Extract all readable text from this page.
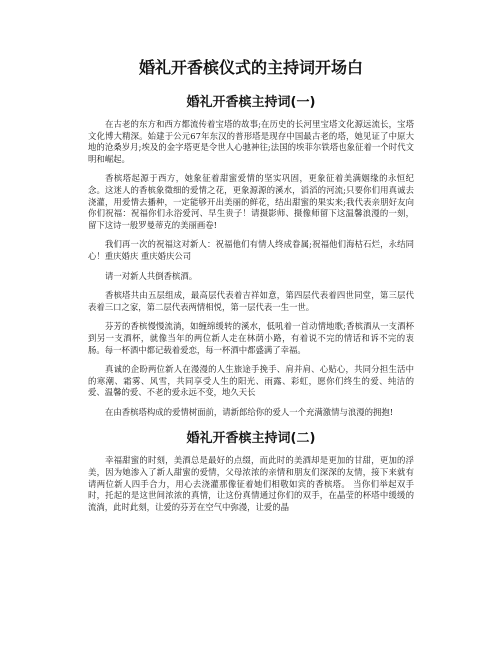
婚礼开香槟仪式的主持词开场白
婚礼开香槟主持词(一)

在古老的东方和西方都流传着宝塔的故事;在历史的长河里宝塔文化源远流长，宝塔文化博大精深。始建于公元67年东汉的普形塔是现存中国最古老的塔，她见证了中原大地的沧桑岁月;埃及的金字塔更是令世人心驰神往;法国的埃菲尔铁塔也象征着一个时代文明和崛起。

香槟塔起源于西方，她象征着甜蜜爱情的坚实巩固，更象征着美满姻缘的永恒纪念。这迷人的香槟象徵细的爱情之花，更象源源的溪水，滔滔的河流;只要你们用真诚去浇灌，用爱情去播种，一定能够开出美丽的鲜花，结出甜蜜的果实来;我代表亲朋好友向你们祝福：祝福你们永浴爱河、早生贵子！请摄影师、摄像师留下这温馨浪漫的一刻，留下这诗一般罗曼蒂克的美丽画卷!

我们再一次的祝福这对新人：祝福他们有情人终成眷属;祝福他们海枯石烂，永结同心！重庆婚庆 重庆婚庆公司

请一对新人共倒香槟酒。

香槟塔共由五层组成，最高层代表着吉祥如意，第四层代表着四世同堂，第三层代表着三口之家，第二层代表两情相悦，第一层代表一生一世。

芬芳的香槟慢慢流淌，如缠绵缓转的溪水，低吼着一首动情地歌;香槟酒从一支酒杯到另一支酒杯，就像当年的两位新人走在林荫小路，有着说不完的情话和诉不完的衷肠。每一杯酒中都记载着爱恋，每一杯酒中都盛满了幸福。

真诚的企盼两位新人在漫漫的人生旅途手挽手、肩并肩、心贴心，共同分担生活中的寒潮、霜雾、风雪，共同享受人生的阳光、雨露、彩虹，愿你们终生的爱、纯洁的爱、温馨的爱、不老的爱永远不变，地久天长

在由香槟塔构成的爱情树面前，请新郎给你的爱人一个充满激情与浪漫的拥抱!

婚礼开香槟主持词(二)

幸福甜蜜的时刻，美酒总是最好的点缀，而此时的美酒却是更加的甘甜，更加的浮美，因为她渗入了新人甜蜜的爱情，父母浓浓的亲情和朋友们深深的友情，接下来就有请两位新人四手合力，用心去浇灌那像征着她们相敬如宾的香槟塔。 当你们举起双手时，托起的是这世间浓浓的真情，让这份真情通过你们的双手，在晶莹的杯塔中缓缓的流淌，此时此刻，让爱的芬芳在空气中弥漫，让爱的晶
